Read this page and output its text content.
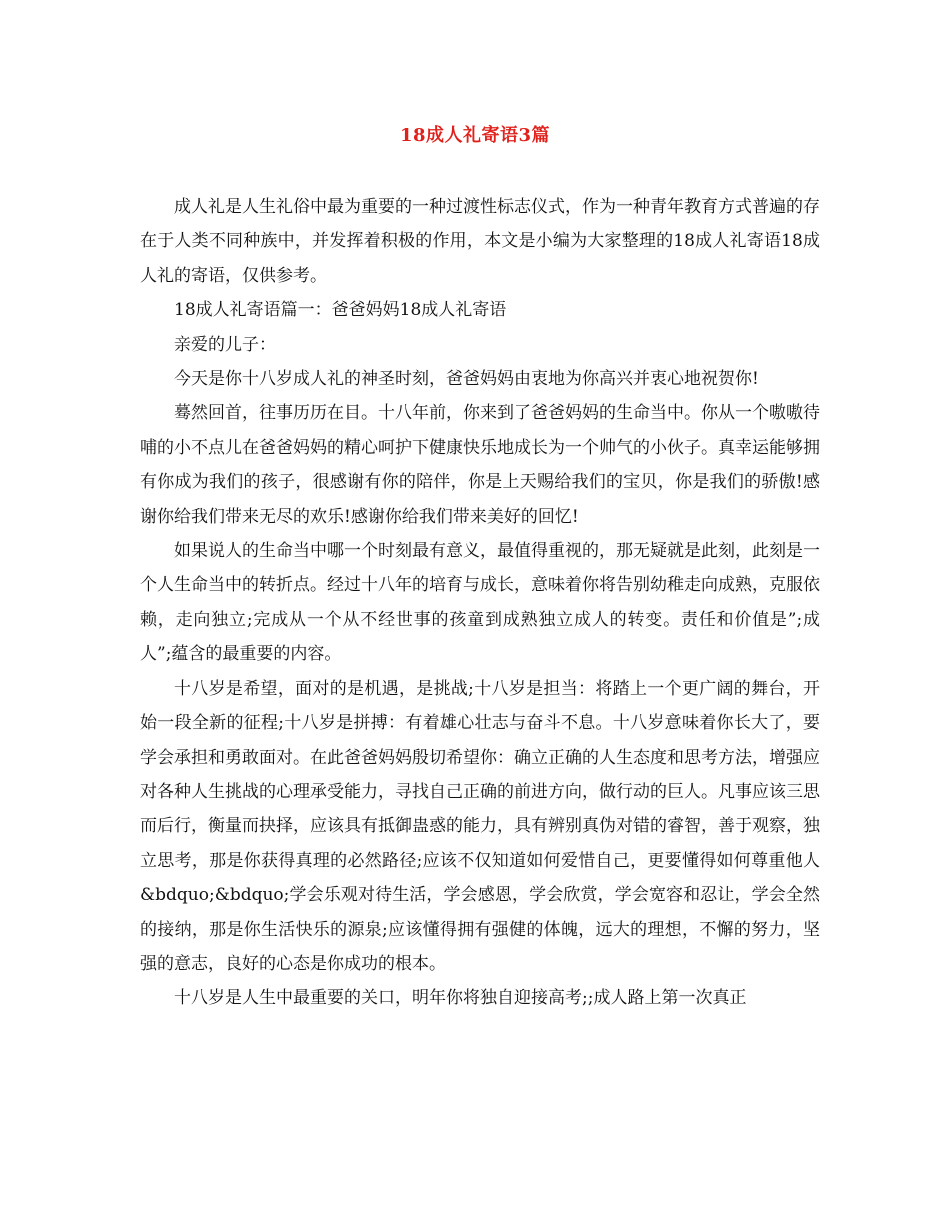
18成人礼寄语3篇

成人礼是人生礼俗中最为重要的一种过渡性标志仪式，作为一种青年教育方式普遍的存在于人类不同种族中，并发挥着积极的作用，本文是小编为大家整理的18成人礼寄语18成人礼的寄语，仅供参考。

18成人礼寄语篇一：爸爸妈妈18成人礼寄语

亲爱的儿子：

今天是你十八岁成人礼的神圣时刻，爸爸妈妈由衷地为你高兴并衷心地祝贺你!

蓦然回首，往事历历在目。十八年前，你来到了爸爸妈妈的生命当中。你从一个嗷嗷待哺的小不点儿在爸爸妈妈的精心呵护下健康快乐地成长为一个帅气的小伙子。真幸运能够拥有你成为我们的孩子，很感谢有你的陪伴，你是上天赐给我们的宝贝，你是我们的骄傲!感谢你给我们带来无尽的欢乐!感谢你给我们带来美好的回忆!

如果说人的生命当中哪一个时刻最有意义，最值得重视的，那无疑就是此刻，此刻是一个人生命当中的转折点。经过十八年的培育与成长，意味着你将告别幼稚走向成熟，克服依赖，走向独立;完成从一个从不经世事的孩童到成熟独立成人的转变。责任和价值是”;成人”;蕴含的最重要的内容。

十八岁是希望，面对的是机遇，是挑战;十八岁是担当：将踏上一个更广阔的舞台，开始一段全新的征程;十八岁是拼搏：有着雄心壮志与奋斗不息。十八岁意味着你长大了，要学会承担和勇敢面对。在此爸爸妈妈殷切希望你：确立正确的人生态度和思考方法，增强应对各种人生挑战的心理承受能力，寻找自己正确的前进方向，做行动的巨人。凡事应该三思而后行，衡量而抉择，应该具有抵御蛊惑的能力，具有辨别真伪对错的睿智，善于观察，独立思考，那是你获得真理的必然路径;应该不仅知道如何爱惜自己，更要懂得如何尊重他人&bdquo;&bdquo;学会乐观对待生活，学会感恩，学会欣赏，学会宽容和忍让，学会全然的接纳，那是你生活快乐的源泉;应该懂得拥有强健的体魄，远大的理想，不懈的努力，坚强的意志，良好的心态是你成功的根本。

十八岁是人生中最重要的关口，明年你将独自迎接高考;;成人路上第一次真正
